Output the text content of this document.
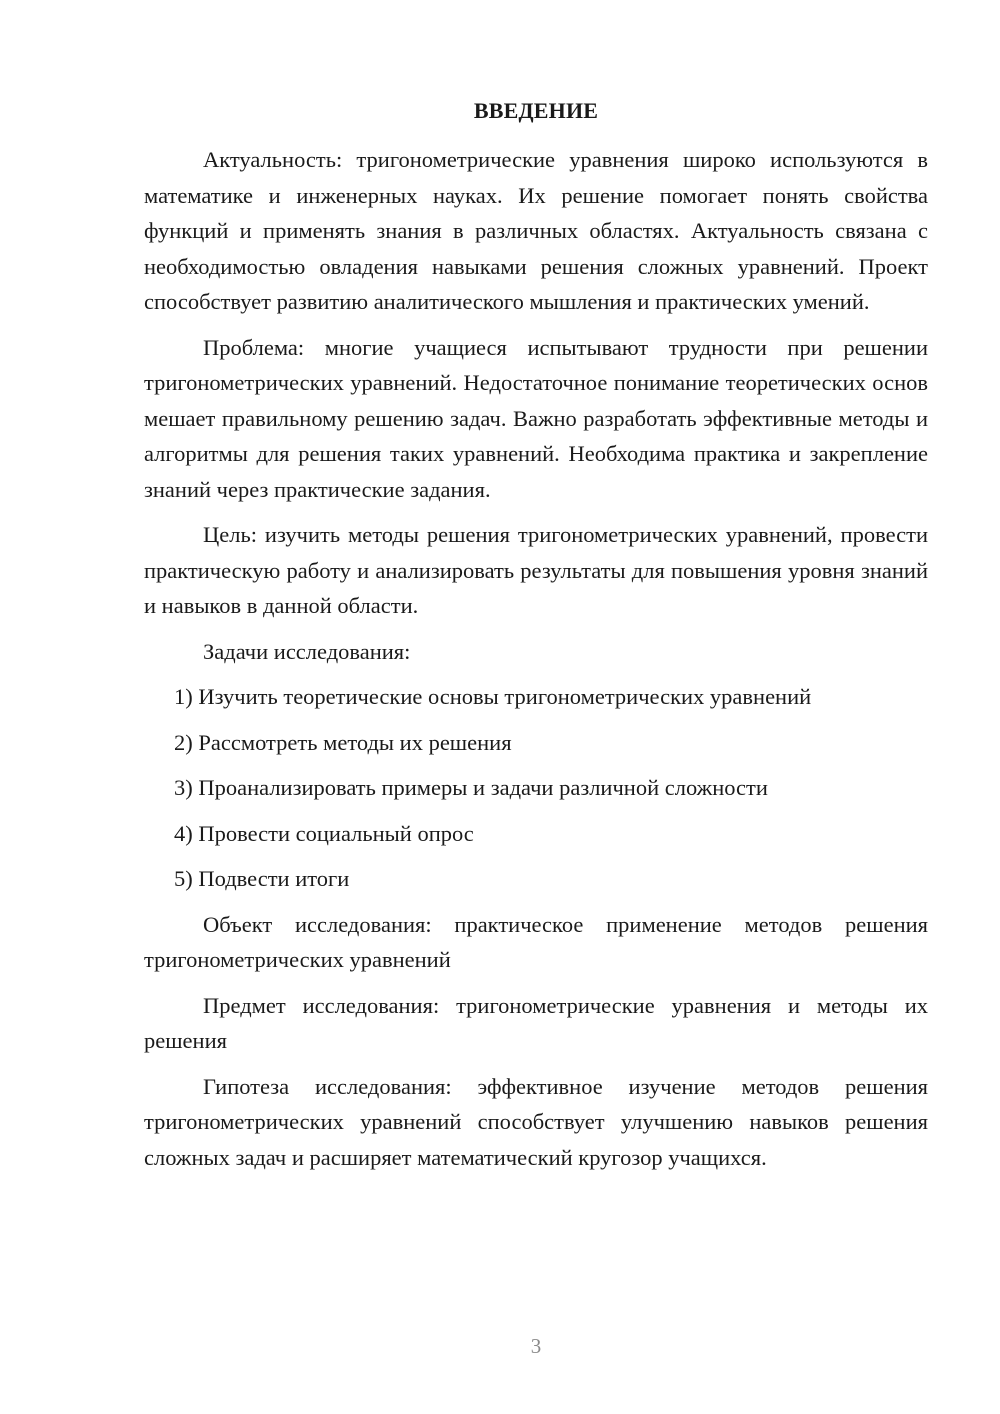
ВВЕДЕНИЕ

Актуальность: тригонометрические уравнения широко используются в математике и инженерных науках. Их решение помогает понять свойства функций и применять знания в различных областях. Актуальность связана с необходимостью овладения навыками решения сложных уравнений. Проект способствует развитию аналитического мышления и практических умений.

Проблема: многие учащиеся испытывают трудности при решении тригонометрических уравнений. Недостаточное понимание теоретических основ мешает правильному решению задач. Важно разработать эффективные методы и алгоритмы для решения таких уравнений. Необходима практика и закрепление знаний через практические задания.

Цель: изучить методы решения тригонометрических уравнений, провести практическую работу и анализировать результаты для повышения уровня знаний и навыков в данной области.

Задачи исследования:

1) Изучить теоретические основы тригонометрических уравнений

2) Рассмотреть методы их решения

3) Проанализировать примеры и задачи различной сложности

4) Провести социальный опрос

5) Подвести итоги

Объект исследования: практическое применение методов решения тригонометрических уравнений

Предмет исследования: тригонометрические уравнения и методы их решения

Гипотеза исследования: эффективное изучение методов решения тригонометрических уравнений способствует улучшению навыков решения сложных задач и расширяет математический кругозор учащихся.

3
